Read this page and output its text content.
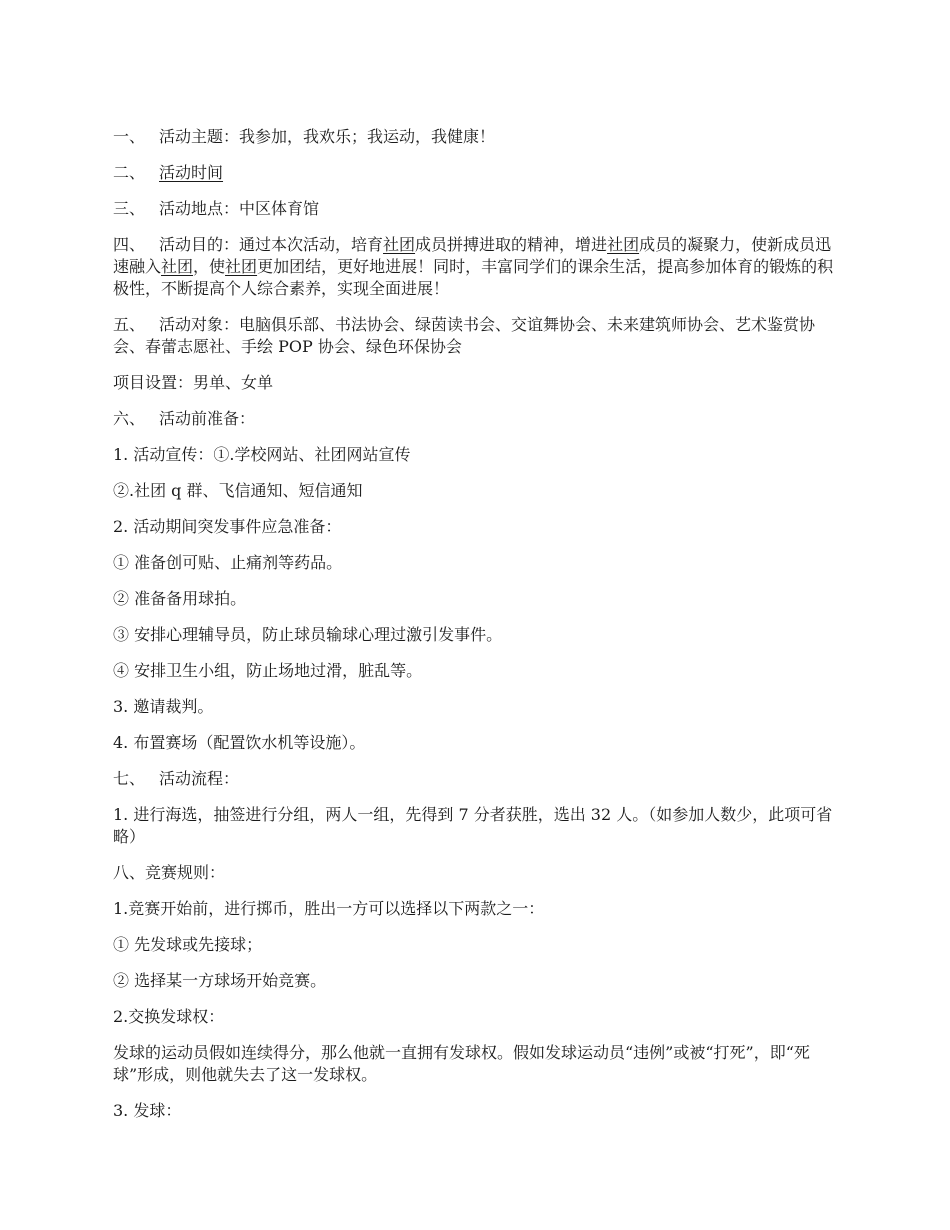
一、 活动主题：我参加，我欢乐；我运动，我健康！

二、 活动时间

三、 活动地点：中区体育馆

四、 活动目的：通过本次活动，培育社团成员拼搏进取的精神，增进社团成员的凝聚力，使新成员迅速融入社团，使社团更加团结，更好地进展！同时，丰富同学们的课余生活，提高参加体育的锻炼的积极性，不断提高个人综合素养，实现全面进展！

五、 活动对象：电脑俱乐部、书法协会、绿茵读书会、交谊舞协会、未来建筑师协会、艺术鉴赏协会、春蕾志愿社、手绘 POP 协会、绿色环保协会

项目设置：男单、女单

六、 活动前准备：

1. 活动宣传：①.学校网站、社团网站宣传

②.社团 q 群、飞信通知、短信通知

2. 活动期间突发事件应急准备：

① 准备创可贴、止痛剂等药品。

② 准备备用球拍。

③ 安排心理辅导员，防止球员输球心理过激引发事件。

④ 安排卫生小组，防止场地过滑，脏乱等。

3. 邀请裁判。

4. 布置赛场（配置饮水机等设施）。

七、 活动流程：

1. 进行海选，抽签进行分组，两人一组，先得到 7 分者获胜，选出 32 人。（如参加人数少，此项可省略）

八、竞赛规则：

1.竞赛开始前，进行掷币，胜出一方可以选择以下两款之一：

① 先发球或先接球；

② 选择某一方球场开始竞赛。

2.交换发球权：

发球的运动员假如连续得分，那么他就一直拥有发球权。假如发球运动员“违例”或被“打死”，即“死球”形成，则他就失去了这一发球权。

3. 发球：
